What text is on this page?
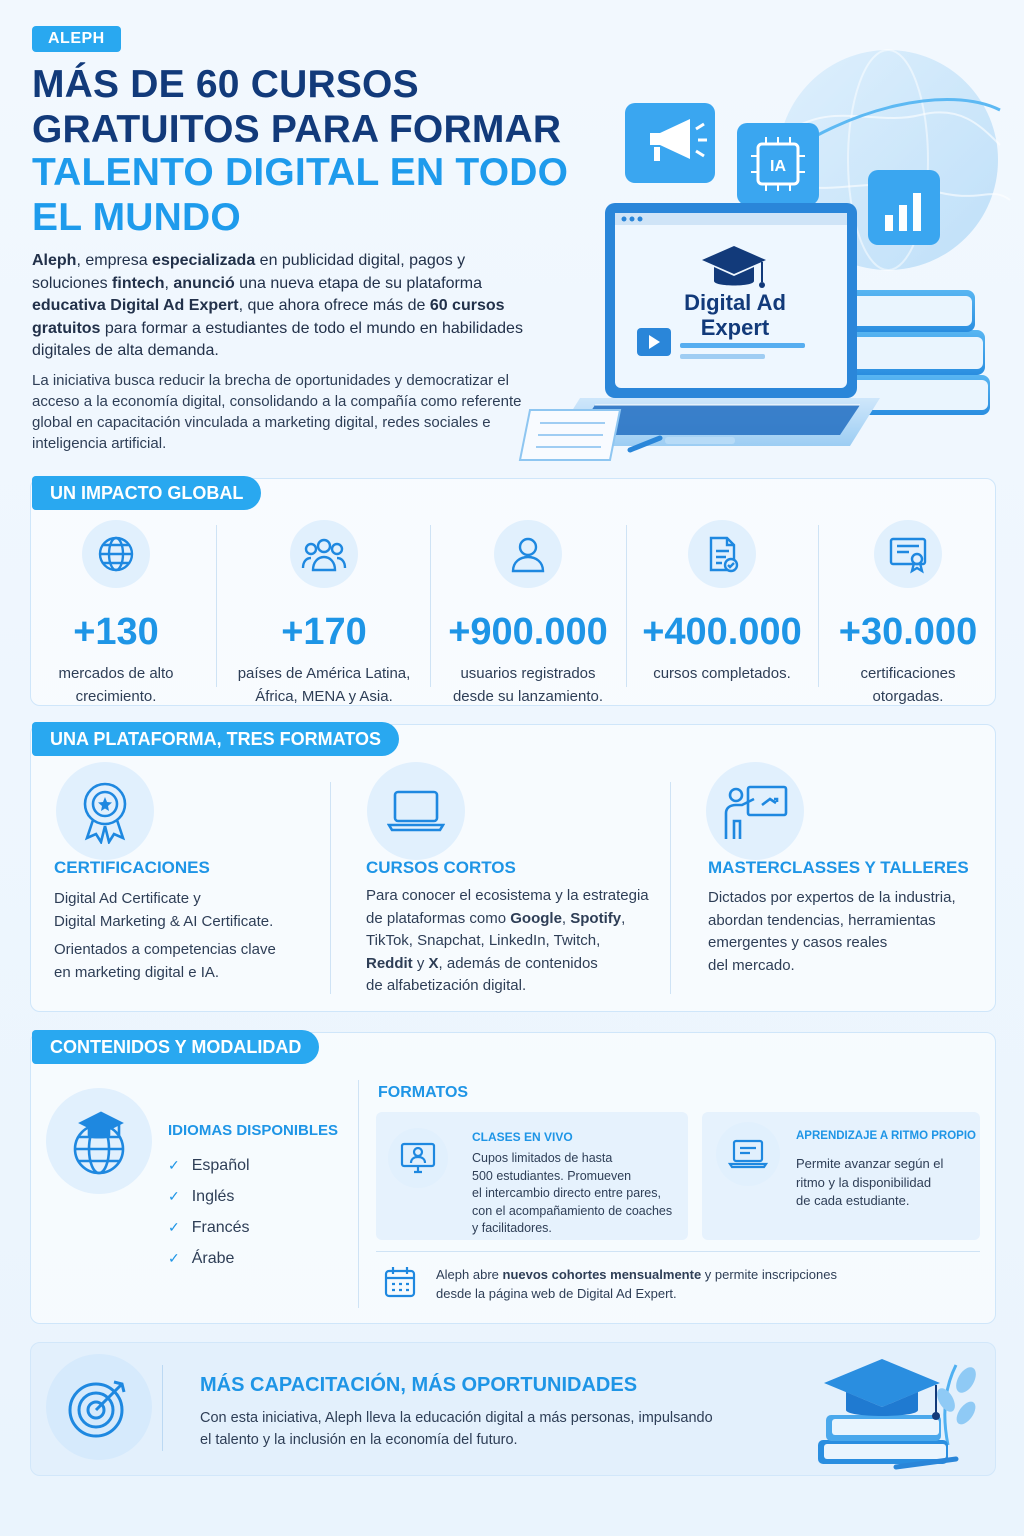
ALEPH
MÁS DE 60 CURSOS
GRATUITOS PARA FORMAR
TALENTO DIGITAL EN TODO
EL MUNDO
Aleph, empresa especializada en publicidad digital, pagos y soluciones fintech, anunció una nueva etapa de su plataforma educativa Digital Ad Expert, que ahora ofrece más de 60 cursos gratuitos para formar a estudiantes de todo el mundo en habilidades digitales de alta demanda.
La iniciativa busca reducir la brecha de oportunidades y democratizar el acceso a la economía digital, consolidando a la compañía como referente global en capacitación vinculada a marketing digital, redes sociales e inteligencia artificial.
IA
Digital Ad
Expert
UN IMPACTO GLOBAL
+130
mercados de alto
crecimiento.
+170
países de América Latina,
África, MENA y Asia.
+900.000
usuarios registrados
desde su lanzamiento.
+400.000
cursos completados.
+30.000
certificaciones
otorgadas.
UNA PLATAFORMA, TRES FORMATOS
CERTIFICACIONES
Digital Ad Certificate y
Digital Marketing & AI Certificate.
Orientados a competencias clave
en marketing digital e IA.
CURSOS CORTOS
Para conocer el ecosistema y la estrategia
de plataformas como Google, Spotify,
TikTok, Snapchat, LinkedIn, Twitch,
Reddit y X, además de contenidos
de alfabetización digital.
MASTERCLASSES Y TALLERES
Dictados por expertos de la industria,
abordan tendencias, herramientas
emergentes y casos reales
del mercado.
CONTENIDOS Y MODALIDAD
IDIOMAS DISPONIBLES
✓ Español
✓ Inglés
✓ Francés
✓ Árabe
FORMATOS
CLASES EN VIVO
Cupos limitados de hasta
500 estudiantes. Promueven
el intercambio directo entre pares,
con el acompañamiento de coaches
y facilitadores.
APRENDIZAJE A RITMO PROPIO
Permite avanzar según el
ritmo y la disponibilidad
de cada estudiante.
Aleph abre nuevos cohortes mensualmente y permite inscripciones
desde la página web de Digital Ad Expert.
MÁS CAPACITACIÓN, MÁS OPORTUNIDADES
Con esta iniciativa, Aleph lleva la educación digital a más personas, impulsando
el talento y la inclusión en la economía del futuro.
